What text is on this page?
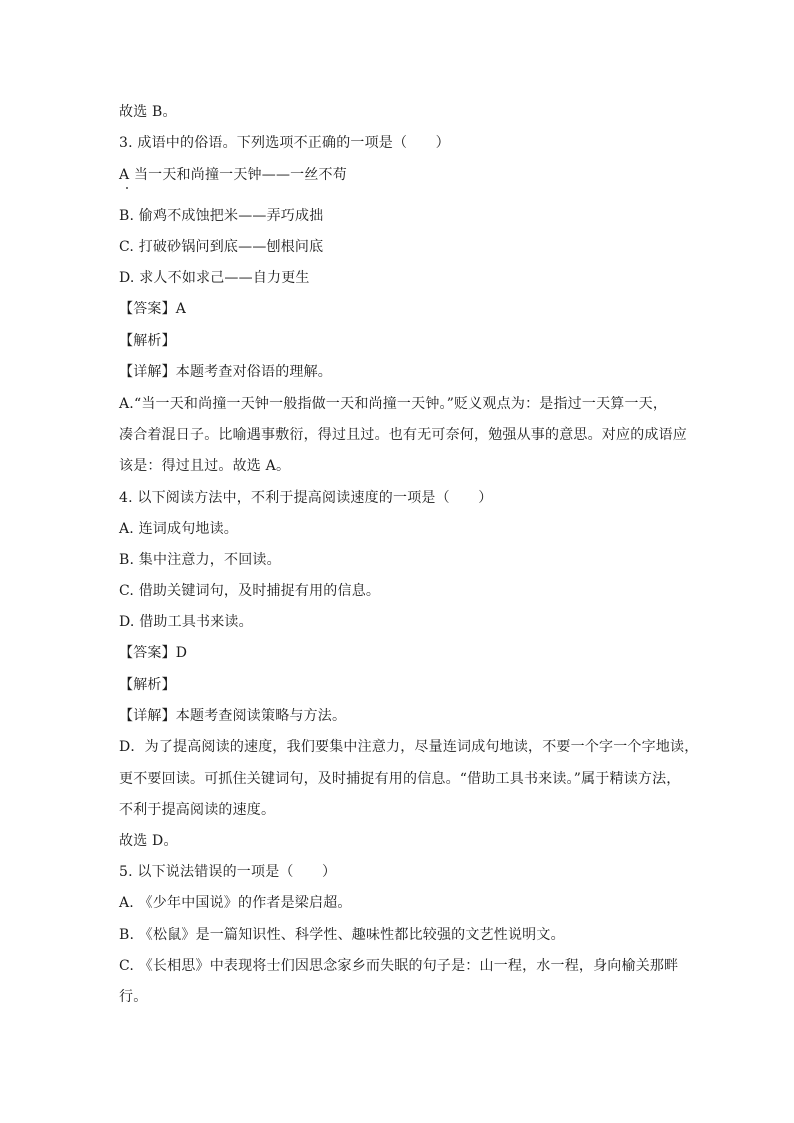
故选 B。
3. 成语中的俗语。下列选项不正确的一项是（　　）
A 当一天和尚撞一天钟——一丝不苟
B. 偷鸡不成蚀把米——弄巧成拙
C. 打破砂锅问到底——刨根问底
D. 求人不如求己——自力更生
【答案】A
【解析】
【详解】本题考查对俗语的理解。
A.“当一天和尚撞一天钟一般指做一天和尚撞一天钟。”贬义观点为：是指过一天算一天，
凑合着混日子。比喻遇事敷衍，得过且过。也有无可奈何，勉强从事的意思。对应的成语应
该是：得过且过。故选 A。
4. 以下阅读方法中，不利于提高阅读速度的一项是（　　）
A. 连词成句地读。
B. 集中注意力，不回读。
C. 借助关键词句，及时捕捉有用的信息。
D. 借助工具书来读。
【答案】D
【解析】
【详解】本题考查阅读策略与方法。
D．为了提高阅读的速度，我们要集中注意力，尽量连词成句地读，不要一个字一个字地读，
更不要回读。可抓住关键词句，及时捕捉有用的信息。“借助工具书来读。”属于精读方法，
不利于提高阅读的速度。
故选 D。
5. 以下说法错误的一项是（　　）
A. 《少年中国说》的作者是梁启超。
B. 《松鼠》是一篇知识性、科学性、趣味性都比较强的文艺性说明文。
C. 《长相思》中表现将士们因思念家乡而失眠的句子是：山一程，水一程，身向榆关那畔
行。
